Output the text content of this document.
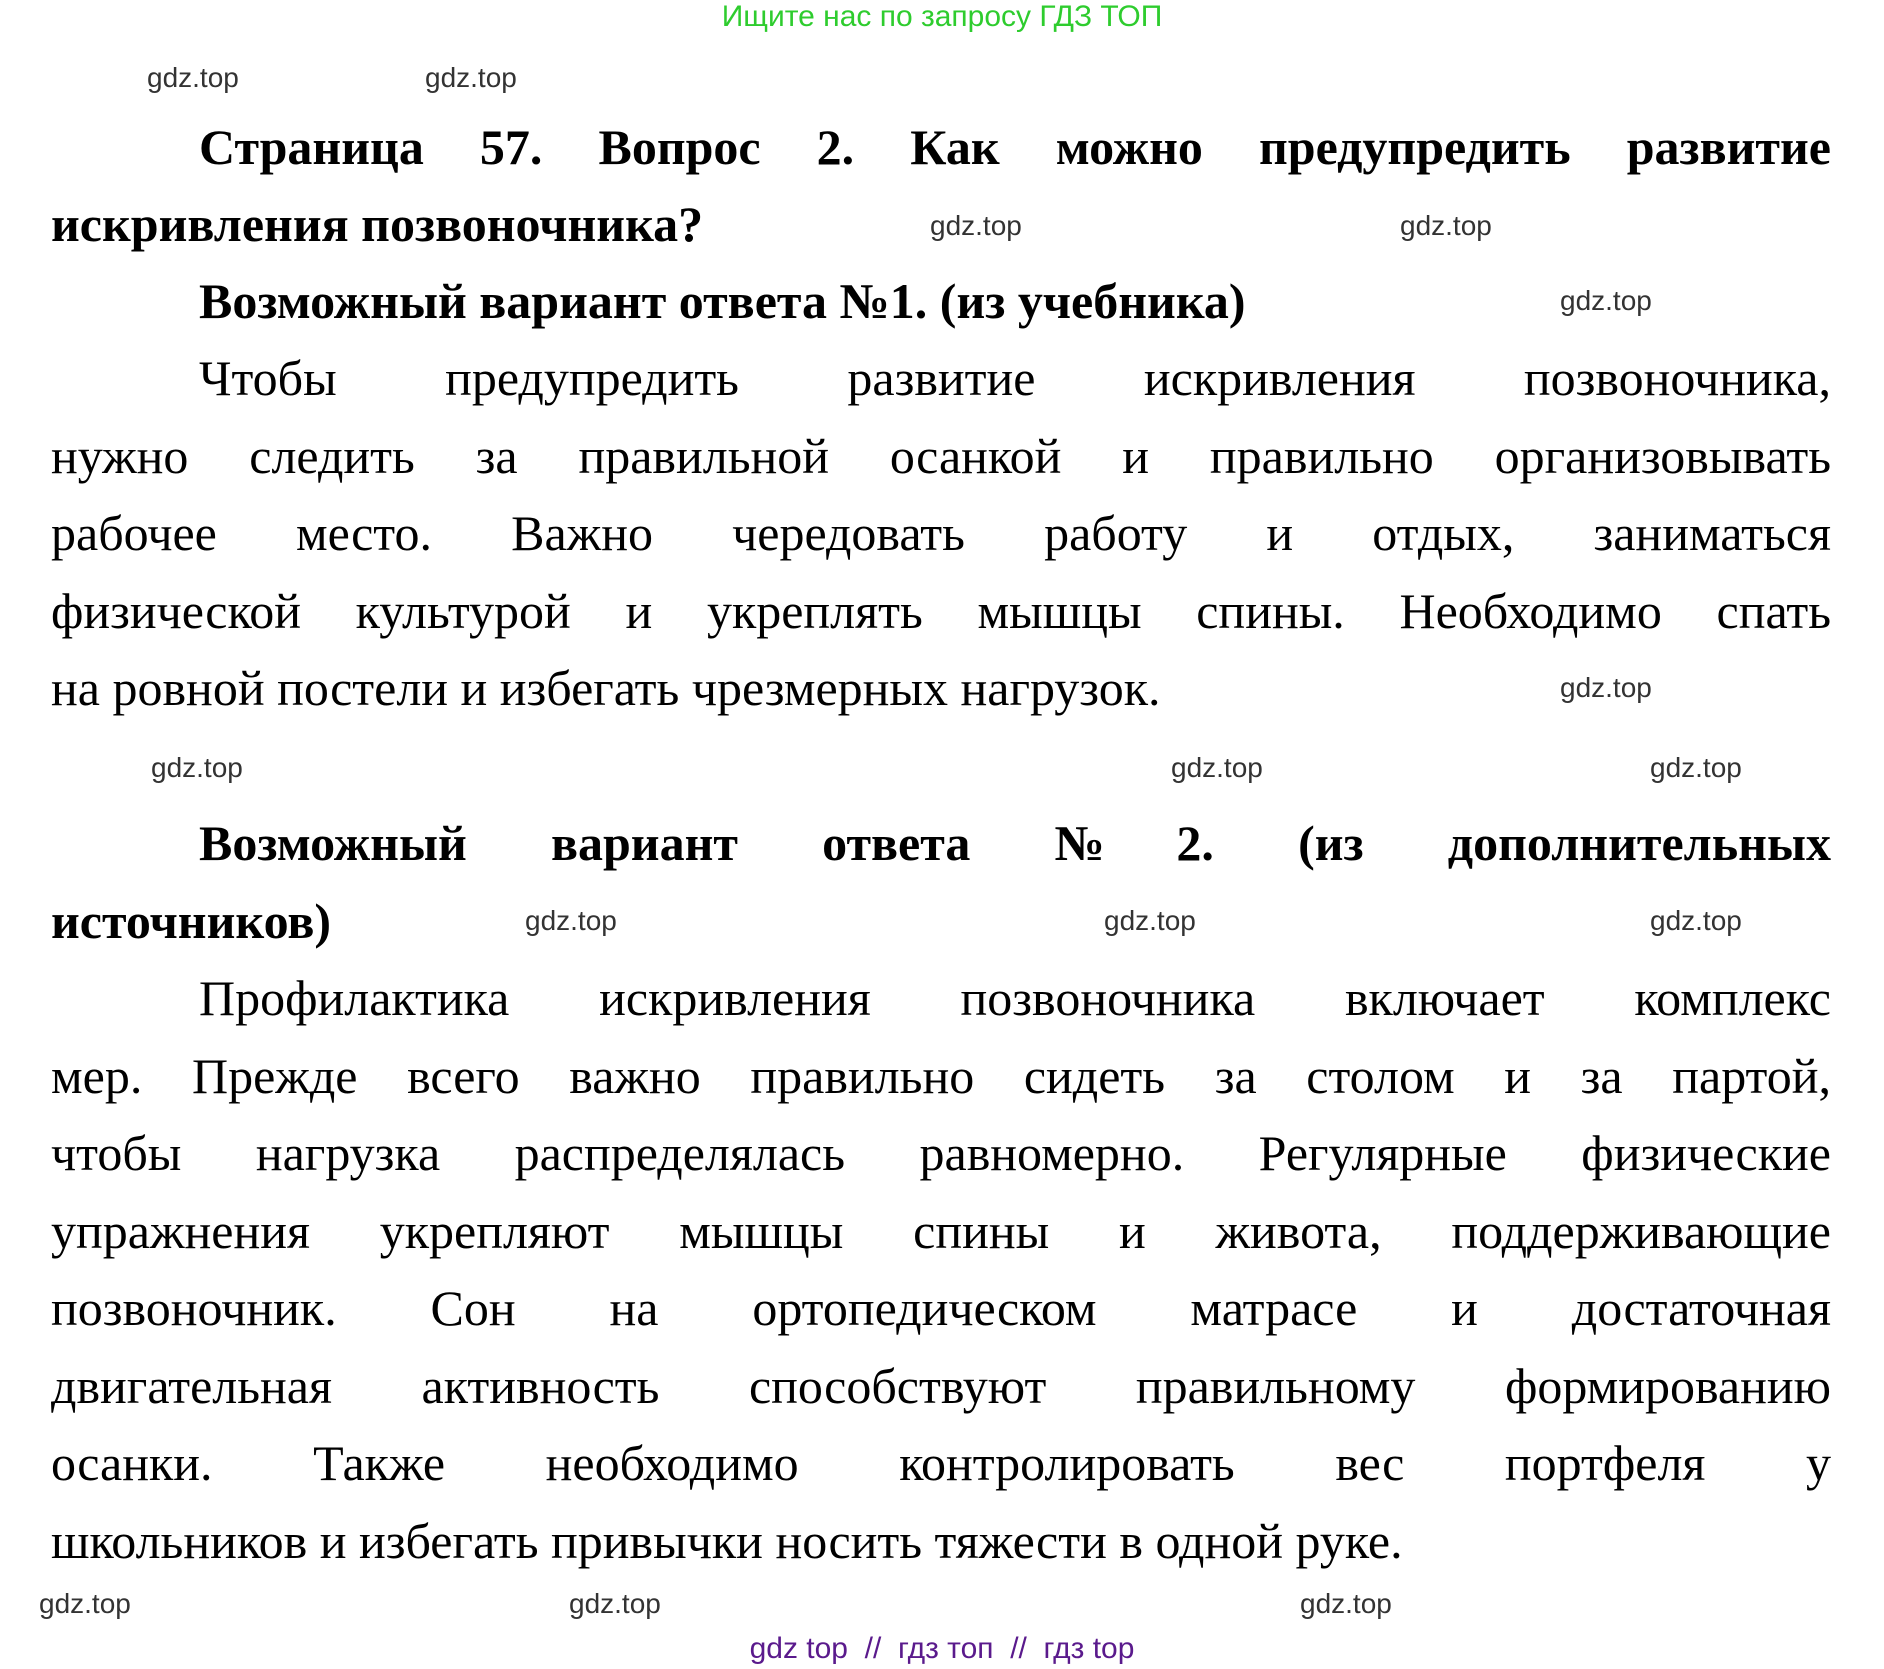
Ищите нас по запросу ГДЗ ТОП
Страница 57. Вопрос 2. Как можно предупредить развитие
искривления позвоночника?
Возможный вариант ответа №1. (из учебника)
Чтобы предупредить развитие искривления позвоночника,
нужно следить за правильной осанкой и правильно организовывать
рабочее место. Важно чередовать работу и отдых, заниматься
физической культурой и укреплять мышцы спины. Необходимо спать
на ровной постели и избегать чрезмерных нагрузок.
Возможный вариант ответа №2. (из дополнительных
источников)
Профилактика искривления позвоночника включает комплекс
мер. Прежде всего важно правильно сидеть за столом и за партой,
чтобы нагрузка распределялась равномерно. Регулярные физические
упражнения укрепляют мышцы спины и живота, поддерживающие
позвоночник. Сон на ортопедическом матрасе и достаточная
двигательная активность способствуют правильному формированию
осанки. Также необходимо контролировать вес портфеля у
школьников и избегать привычки носить тяжести в одной руке.
gdz.top
gdz.top
gdz.top	gdz.top
gdz.top
gdz.top
gdz.top	gdz.top	gdz.top
gdz.top	gdz.top	gdz.top
gdz.top	gdz.top
gdz.top
gdz top  //  гдз топ  //  гдз top
